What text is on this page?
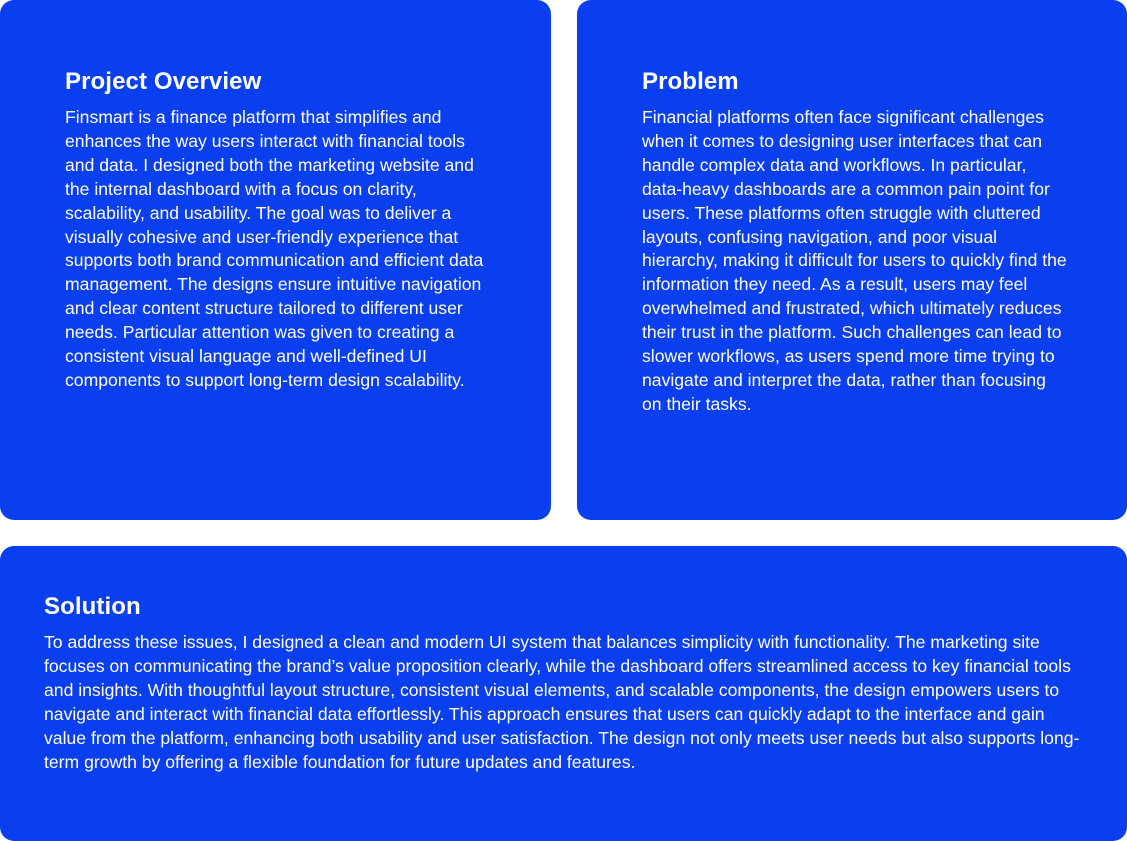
Project Overview

Finsmart is a finance platform that simplifies and enhances the way users interact with financial tools and data. I designed both the marketing website and the internal dashboard with a focus on clarity, scalability, and usability. The goal was to deliver a visually cohesive and user-friendly experience that supports both brand communication and efficient data management. The designs ensure intuitive navigation and clear content structure tailored to different user needs. Particular attention was given to creating a consistent visual language and well-defined UI components to support long-term design scalability.

Problem

Financial platforms often face significant challenges when it comes to designing user interfaces that can handle complex data and workflows. In particular, data-heavy dashboards are a common pain point for users. These platforms often struggle with cluttered layouts, confusing navigation, and poor visual hierarchy, making it difficult for users to quickly find the information they need. As a result, users may feel overwhelmed and frustrated, which ultimately reduces their trust in the platform. Such challenges can lead to slower workflows, as users spend more time trying to navigate and interpret the data, rather than focusing on their tasks.

Solution

To address these issues, I designed a clean and modern UI system that balances simplicity with functionality. The marketing site focuses on communicating the brand’s value proposition clearly, while the dashboard offers streamlined access to key financial tools and insights. With thoughtful layout structure, consistent visual elements, and scalable components, the design empowers users to navigate and interact with financial data effortlessly. This approach ensures that users can quickly adapt to the interface and gain value from the platform, enhancing both usability and user satisfaction. The design not only meets user needs but also supports long-term growth by offering a flexible foundation for future updates and features.
